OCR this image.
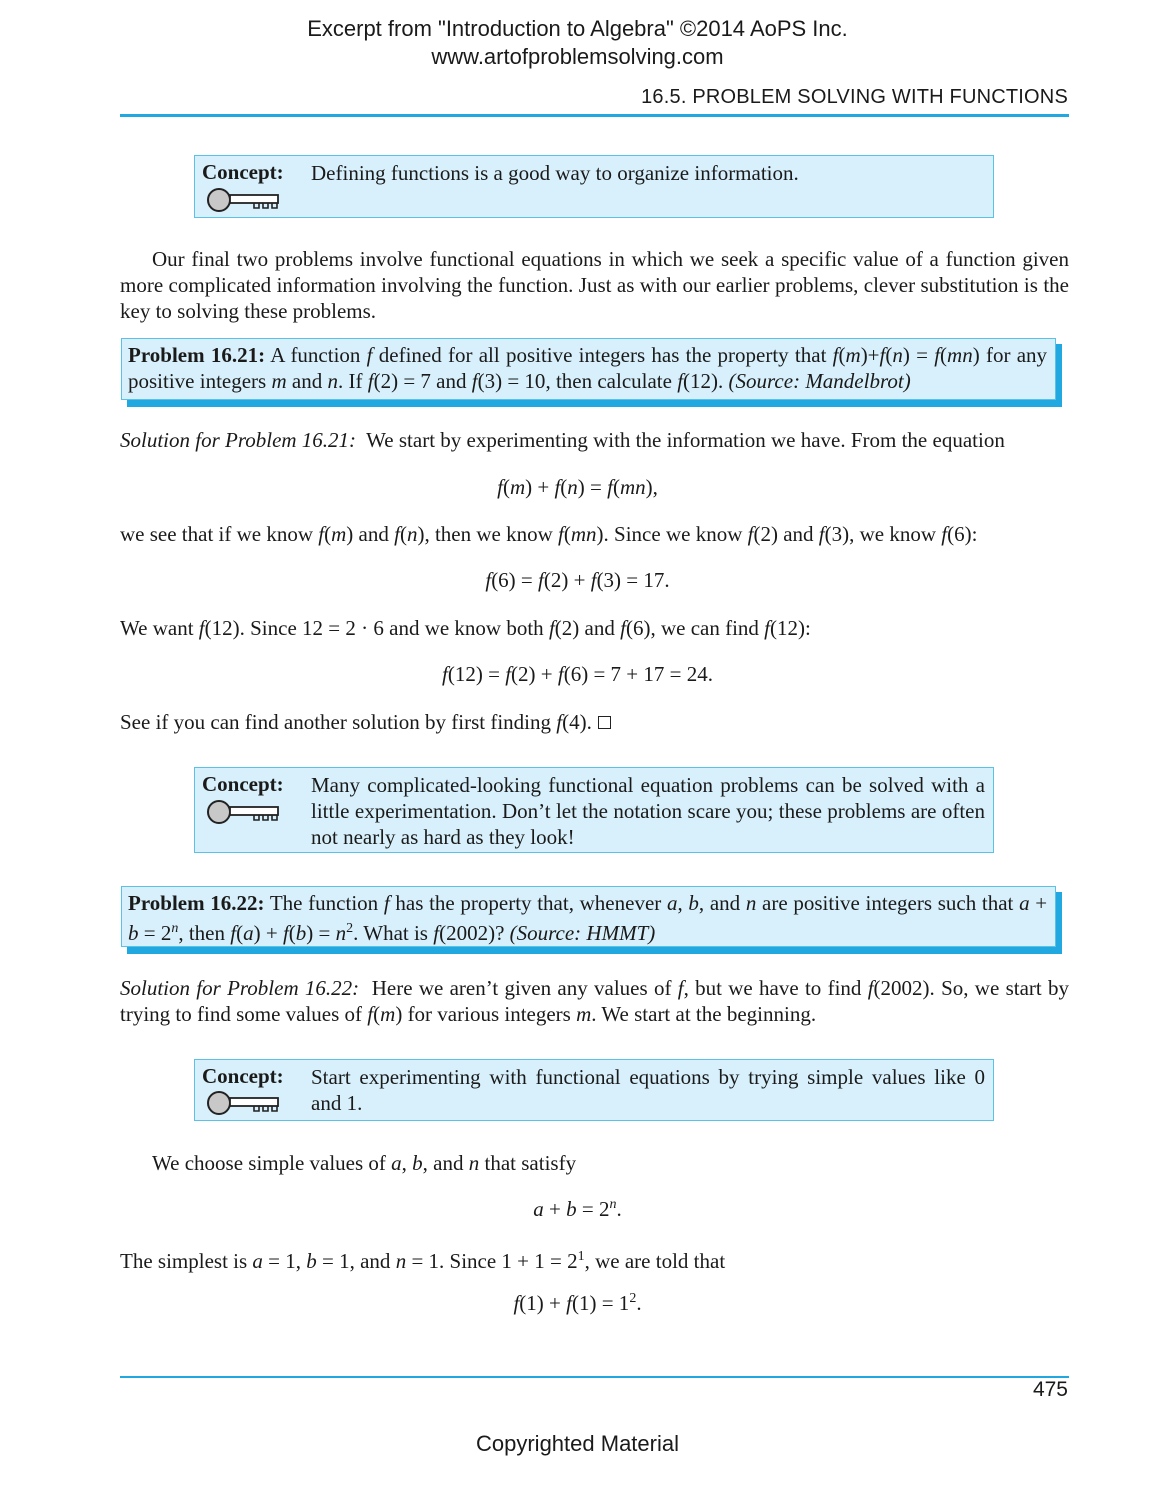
Excerpt from "Introduction to Algebra" ©2014 AoPS Inc.
www.artofproblemsolving.com
16.5. PROBLEM SOLVING WITH FUNCTIONS
Concept: Defining functions is a good way to organize information.
Our final two problems involve functional equations in which we seek a specific value of a function given more complicated information involving the function. Just as with our earlier problems, clever substitution is the key to solving these problems.
Problem 16.21: A function f defined for all positive integers has the property that f(m)+f(n) = f(mn) for any positive integers m and n. If f(2) = 7 and f(3) = 10, then calculate f(12). (Source: Mandelbrot)
Solution for Problem 16.21: We start by experimenting with the information we have. From the equation
f(m) + f(n) = f(mn),
we see that if we know f(m) and f(n), then we know f(mn). Since we know f(2) and f(3), we know f(6):
f(6) = f(2) + f(3) = 17.
We want f(12). Since 12 = 2 · 6 and we know both f(2) and f(6), we can find f(12):
f(12) = f(2) + f(6) = 7 + 17 = 24.
See if you can find another solution by first finding f(4).
Concept: Many complicated-looking functional equation problems can be solved with a little experimentation. Don’t let the notation scare you; these problems are often not nearly as hard as they look!
Problem 16.22: The function f has the property that, whenever a, b, and n are positive integers such that $a + b = 2^n$, then $f(a) + f(b) = n^2$. What is f(2002)? (Source: HMMT)
Solution for Problem 16.22: Here we aren’t given any values of f, but we have to find f(2002). So, we start by trying to find some values of f(m) for various integers m. We start at the beginning.
Concept: Start experimenting with functional equations by trying simple values like 0 and 1.
We choose simple values of a, b, and n that satisfy
$a + b = 2^n$.
The simplest is a = 1, b = 1, and n = 1. Since $1 + 1 = 2^1$, we are told that
$f(1) + f(1) = 1^2$.
475
Copyrighted Material
